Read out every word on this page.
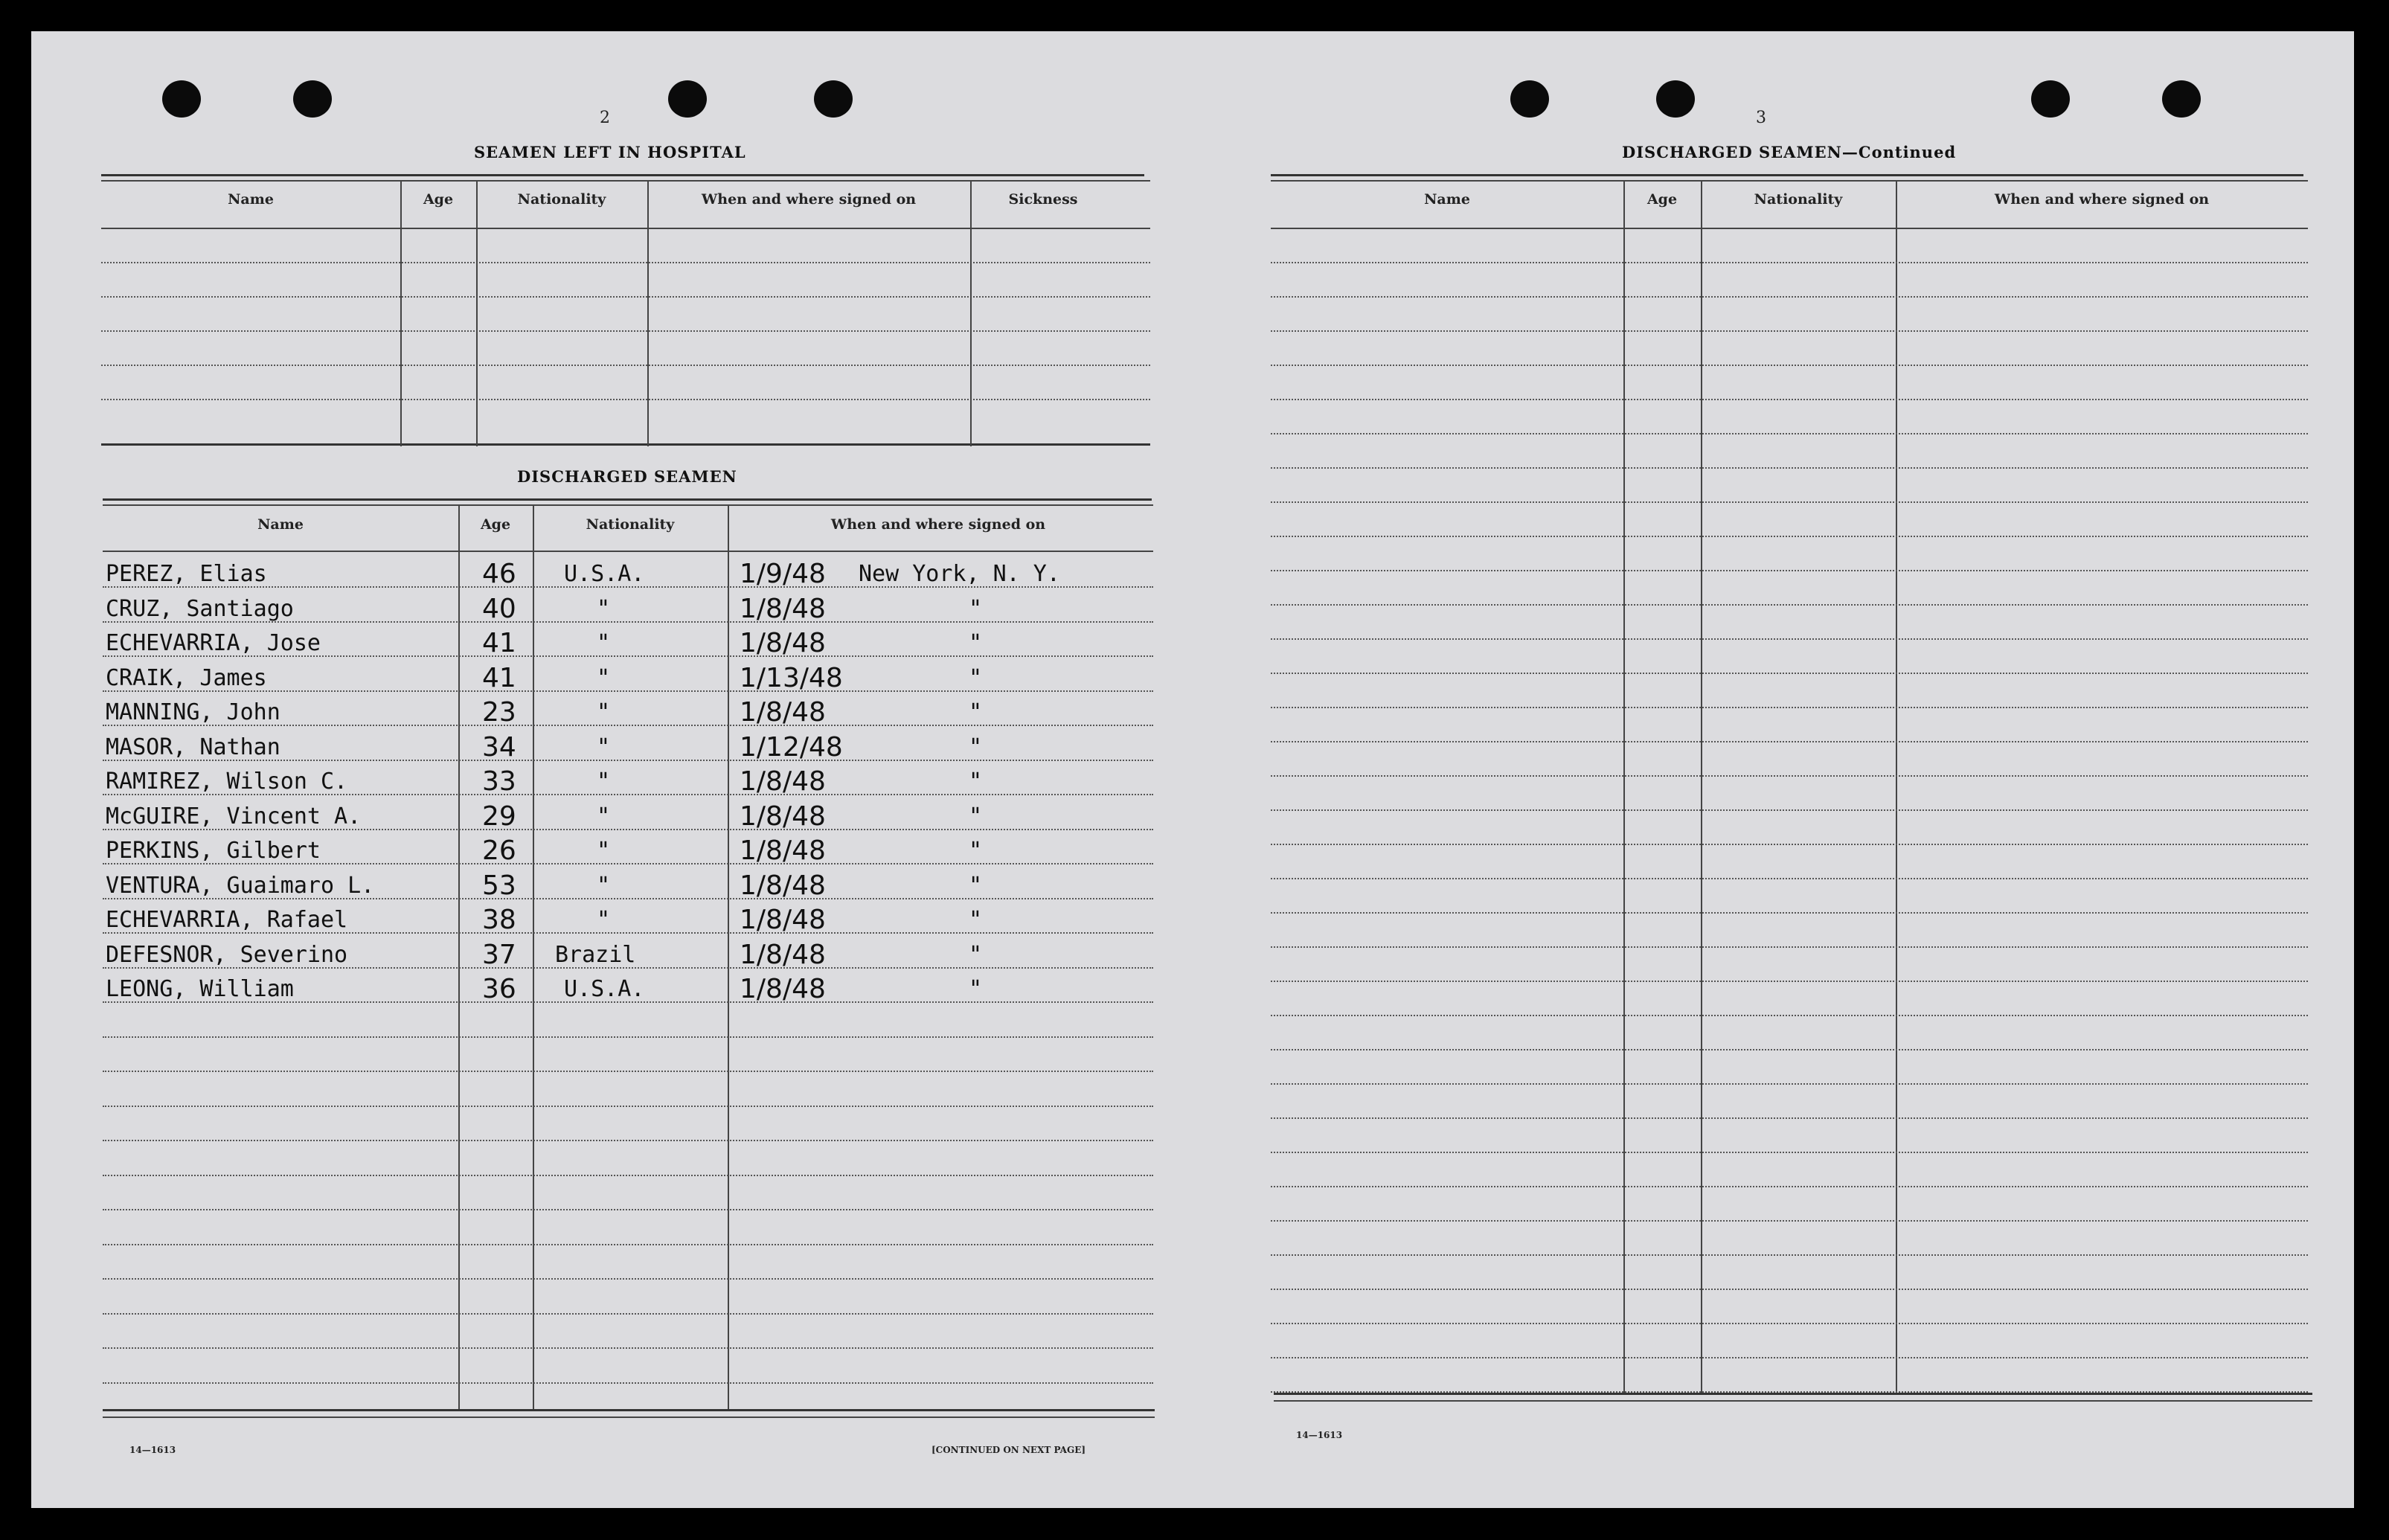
2
SEAMEN LEFT IN HOSPITAL
Name	Age	Nationality	When and where signed on	Sickness
DISCHARGED SEAMEN
Name	Age	Nationality	When and where signed on
PEREZ, Elias	46 U.S.A.	1/9/48 New York, N. Y.
CRUZ, Santiago	40	"	1/8/48	"
ECHEVARRIA, Jose	41	"	1/8/48	"
CRAIK, James	41	"	1/13/48	"
MANNING, John	23	"	1/8/48	"
MASOR, Nathan	34	"	1/12/48	"
RAMIREZ, Wilson C.	33	"	1/8/48	"
McGUIRE, Vincent A.	29	"	1/8/48	"
PERKINS, Gilbert	26	"	1/8/48	"
VENTURA, Guaimaro L.	53	"	1/8/48	"
ECHEVARRIA, Rafael	38	"	1/8/48	"
DEFESNOR, Severino	37 Brazil	1/8/48	"
LEONG, William	36 U.S.A.	1/8/48	"
14—1613	[CONTINUED ON NEXT PAGE]
3
DISCHARGED SEAMEN—Continued
Name	Age	Nationality	When and where signed on
14—1613
